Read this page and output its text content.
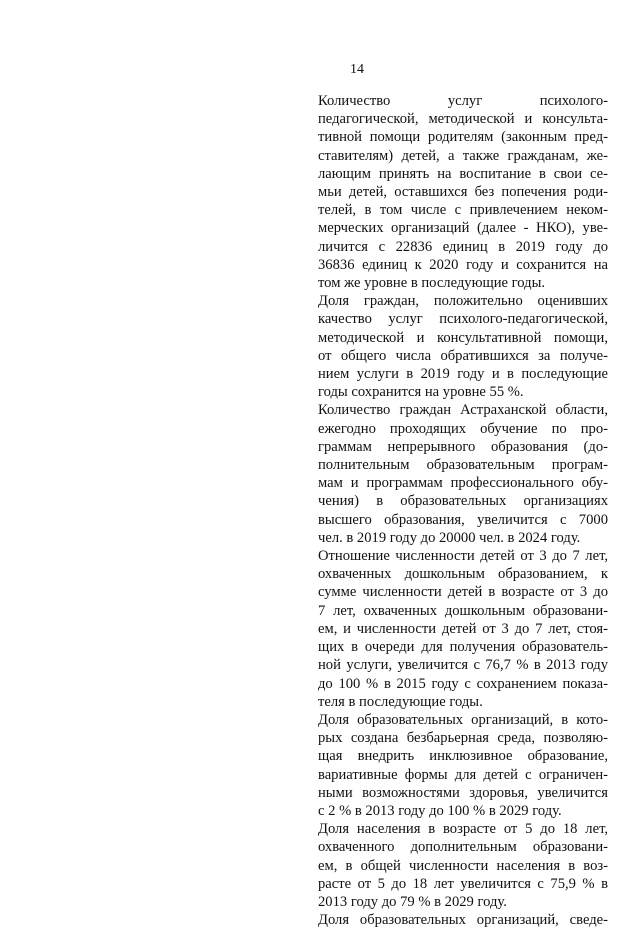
14
Количество услуг психолого-
педагогической, методической и консульта-
тивной помощи родителям (законным пред-
ставителям) детей, а также гражданам, же-
лающим принять на воспитание в свои се-
мьи детей, оставшихся без попечения роди-
телей, в том числе с привлечением неком-
мерческих организаций (далее - НКО), уве-
личится с 22836 единиц в 2019 году до
36836 единиц к 2020 году и сохранится на
том же уровне в последующие годы.
Доля граждан, положительно оценивших
качество услуг психолого-педагогической,
методической и консультативной помощи,
от общего числа обратившихся за получе-
нием услуги в 2019 году и в последующие
годы сохранится на уровне 55 %.
Количество граждан Астраханской области,
ежегодно проходящих обучение по про-
граммам непрерывного образования (до-
полнительным образовательным програм-
мам и программам профессионального обу-
чения) в образовательных организациях
высшего образования, увеличится с 7000
чел. в 2019 году до 20000 чел. в 2024 году.
Отношение численности детей от 3 до 7 лет,
охваченных дошкольным образованием, к
сумме численности детей в возрасте от 3 до
7 лет, охваченных дошкольным образовани-
ем, и численности детей от 3 до 7 лет, стоя-
щих в очереди для получения образователь-
ной услуги, увеличится с 76,7 % в 2013 году
до 100 % в 2015 году с сохранением показа-
теля в последующие годы.
Доля образовательных организаций, в кото-
рых создана безбарьерная среда, позволяю-
щая внедрить инклюзивное образование,
вариативные формы для детей с ограничен-
ными возможностями здоровья, увеличится
с 2 % в 2013 году до 100 % в 2029 году.
Доля населения в возрасте от 5 до 18 лет,
охваченного дополнительным образовани-
ем, в общей численности населения в воз-
расте от 5 до 18 лет увеличится с 75,9 % в
2013 году до 79 % в 2029 году.
Доля образовательных организаций, сведе-
